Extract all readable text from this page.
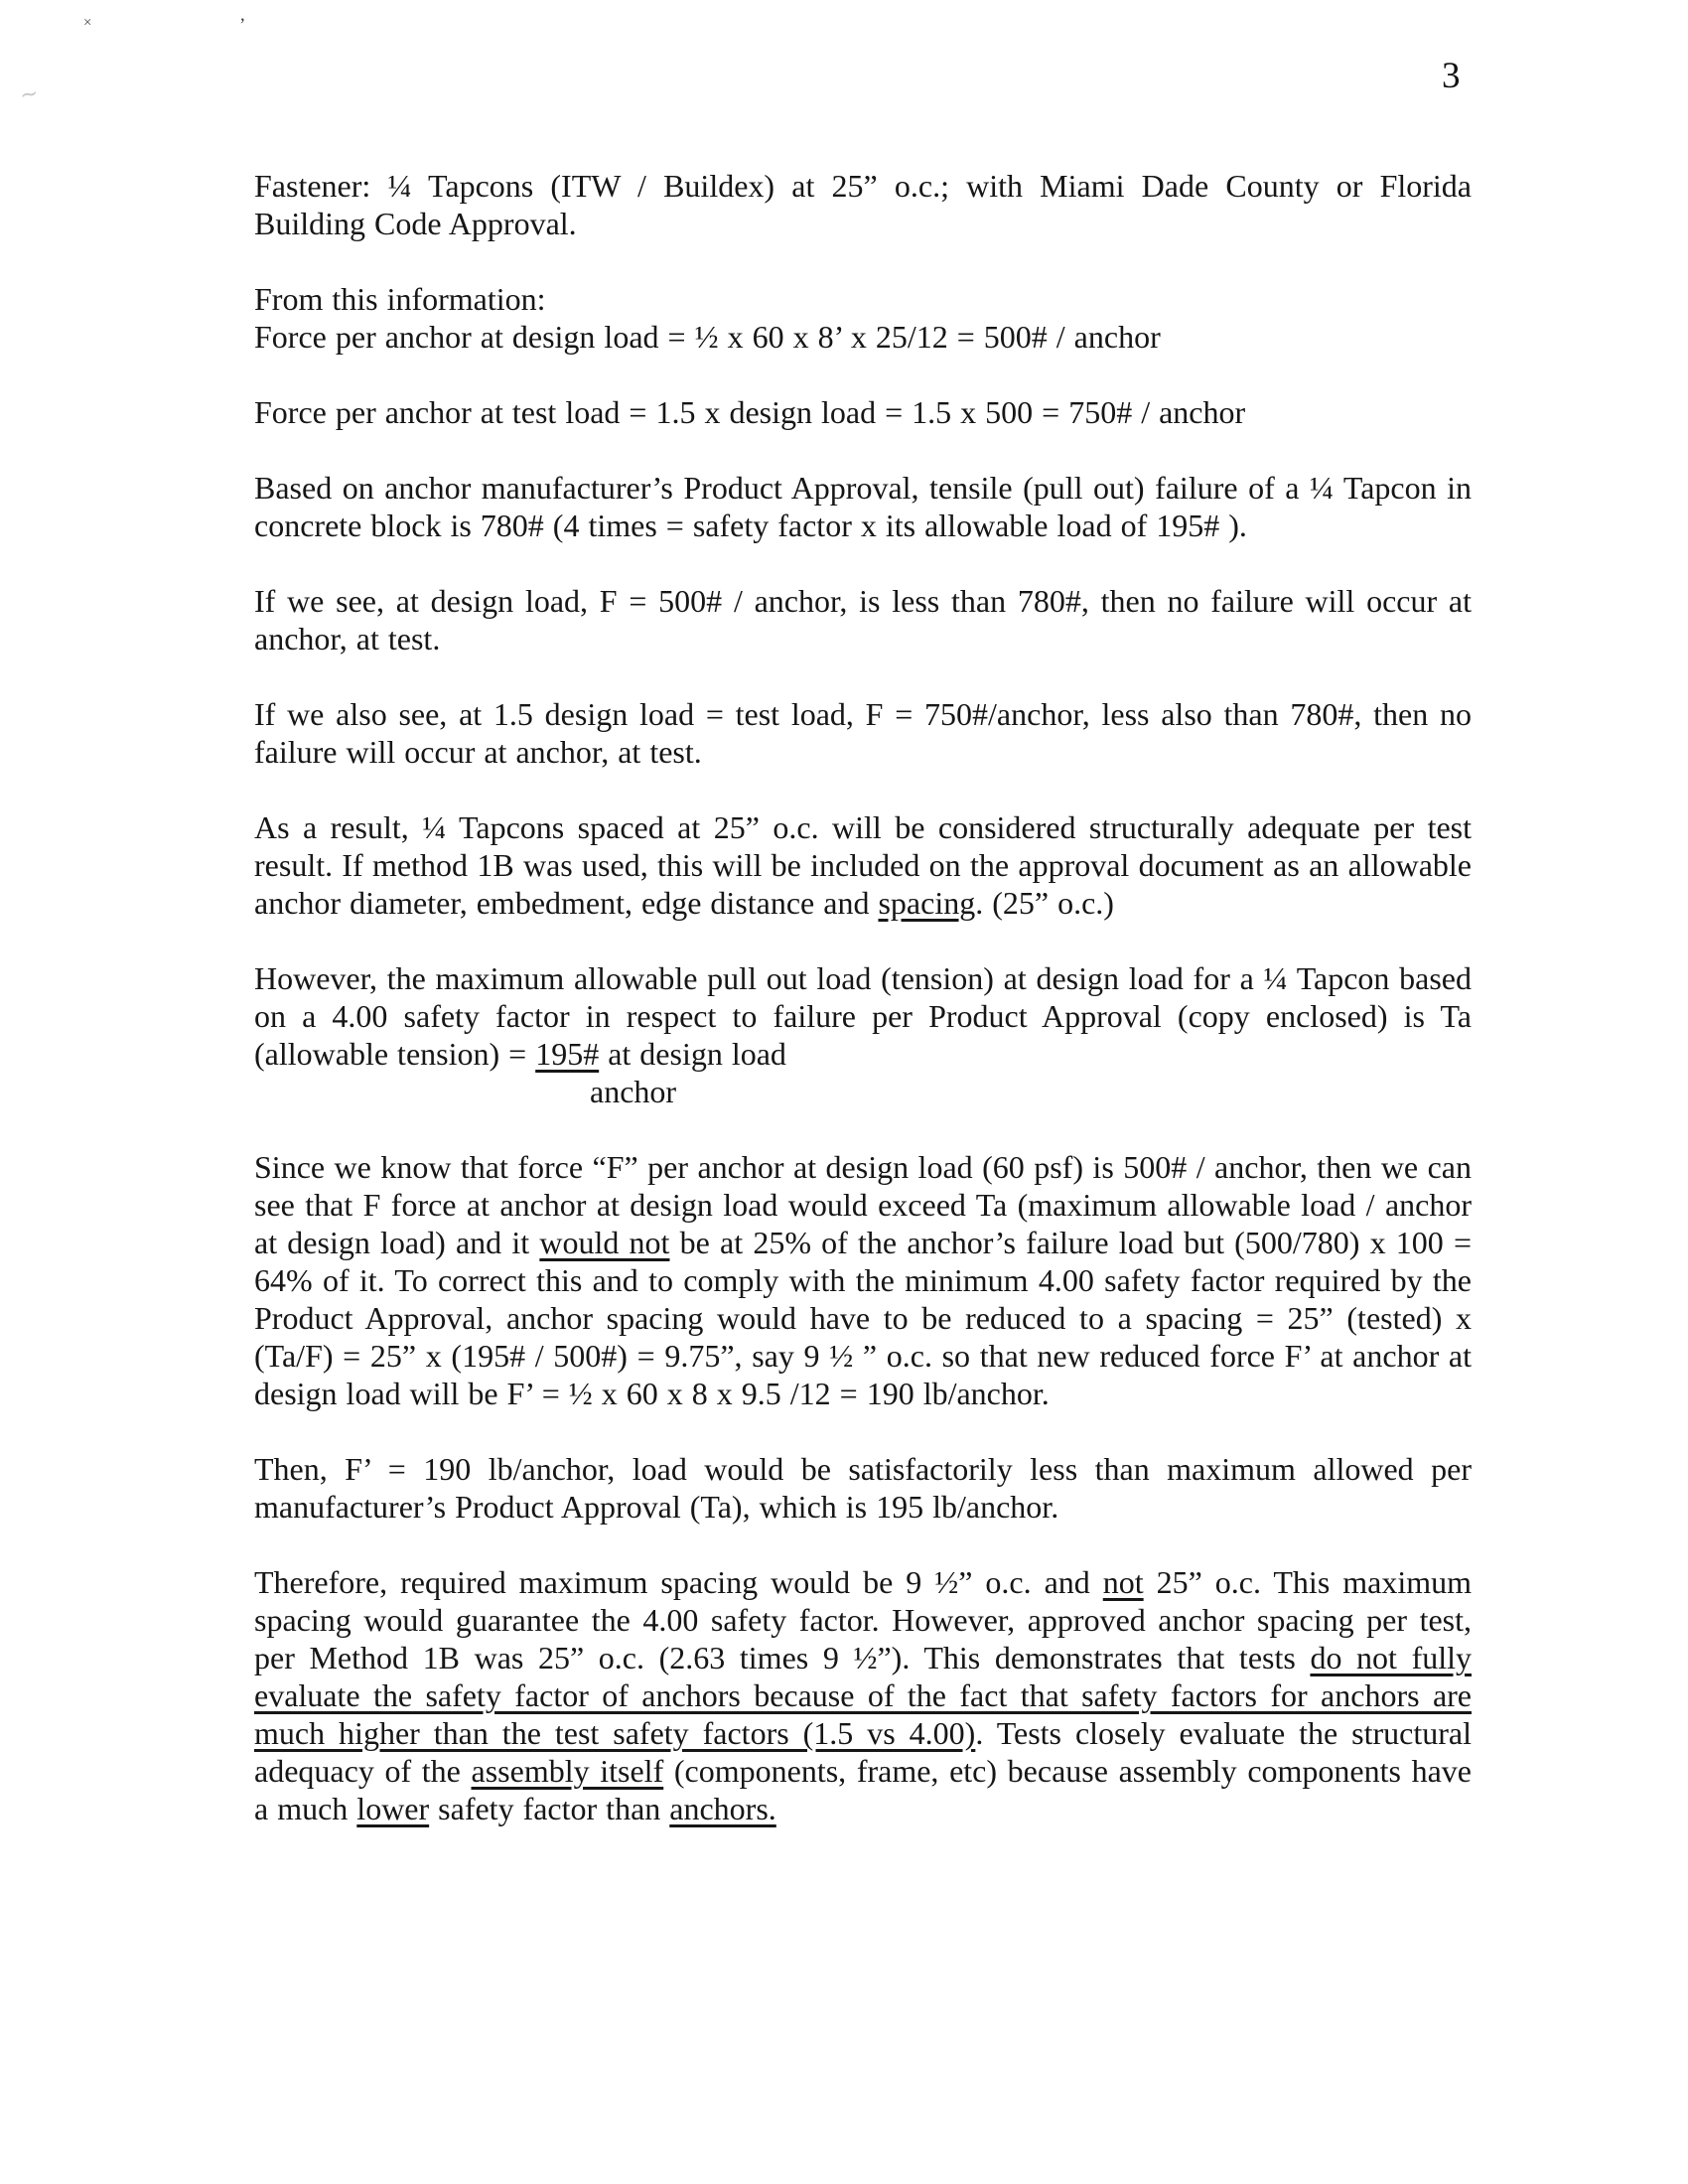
×	’
∼	3

Fastener: ¼ Tapcons (ITW / Buildex) at 25” o.c.; with Miami Dade County or Florida Building Code Approval.

From this information:

Force per anchor at design load = ½ x 60 x 8’ x 25/12 = 500# / anchor

Force per anchor at test load = 1.5 x design load = 1.5 x 500 = 750# / anchor

Based on anchor manufacturer’s Product Approval, tensile (pull out) failure of a ¼ Tapcon in concrete block is 780# (4 times = safety factor x its allowable load of 195# ).

If we see, at design load, F = 500# / anchor, is less than 780#, then no failure will occur at anchor, at test.

If we also see, at 1.5 design load = test load, F = 750#/anchor, less also than 780#, then no failure will occur at anchor, at test.

As a result, ¼ Tapcons spaced at 25” o.c. will be considered structurally adequate per test result. If method 1B was used, this will be included on the approval document as an allowable anchor diameter, embedment, edge distance and spacing. (25” o.c.)

However, the maximum allowable pull out load (tension) at design load for a ¼ Tapcon based on a 4.00 safety factor in respect to failure per Product Approval (copy enclosed) is Ta (allowable tension) = 195# at design load

anchor

Since we know that force “F” per anchor at design load (60 psf) is 500# / anchor, then we can see that F force at anchor at design load would exceed Ta (maximum allowable load / anchor at design load) and it would not be at 25% of the anchor’s failure load but (500/780) x 100 = 64% of it. To correct this and to comply with the minimum 4.00 safety factor required by the Product Approval, anchor spacing would have to be reduced to a spacing = 25” (tested) x (Ta/F) = 25” x (195# / 500#) = 9.75”, say 9 ½ ” o.c. so that new reduced force F’ at anchor at design load will be F’ = ½ x 60 x 8 x 9.5 /12 = 190 lb/anchor.

Then, F’ = 190 lb/anchor, load would be satisfactorily less than maximum allowed per manufacturer’s Product Approval (Ta), which is 195 lb/anchor.

Therefore, required maximum spacing would be 9 ½” o.c. and not 25” o.c. This maximum spacing would guarantee the 4.00 safety factor. However, approved anchor spacing per test, per Method 1B was 25” o.c. (2.63 times 9 ½”). This demonstrates that tests do not fully evaluate the safety factor of anchors because of the fact that safety factors for anchors are much higher than the test safety factors (1.5 vs 4.00). Tests closely evaluate the structural adequacy of the assembly itself (components, frame, etc) because assembly components have a much lower safety factor than anchors.
